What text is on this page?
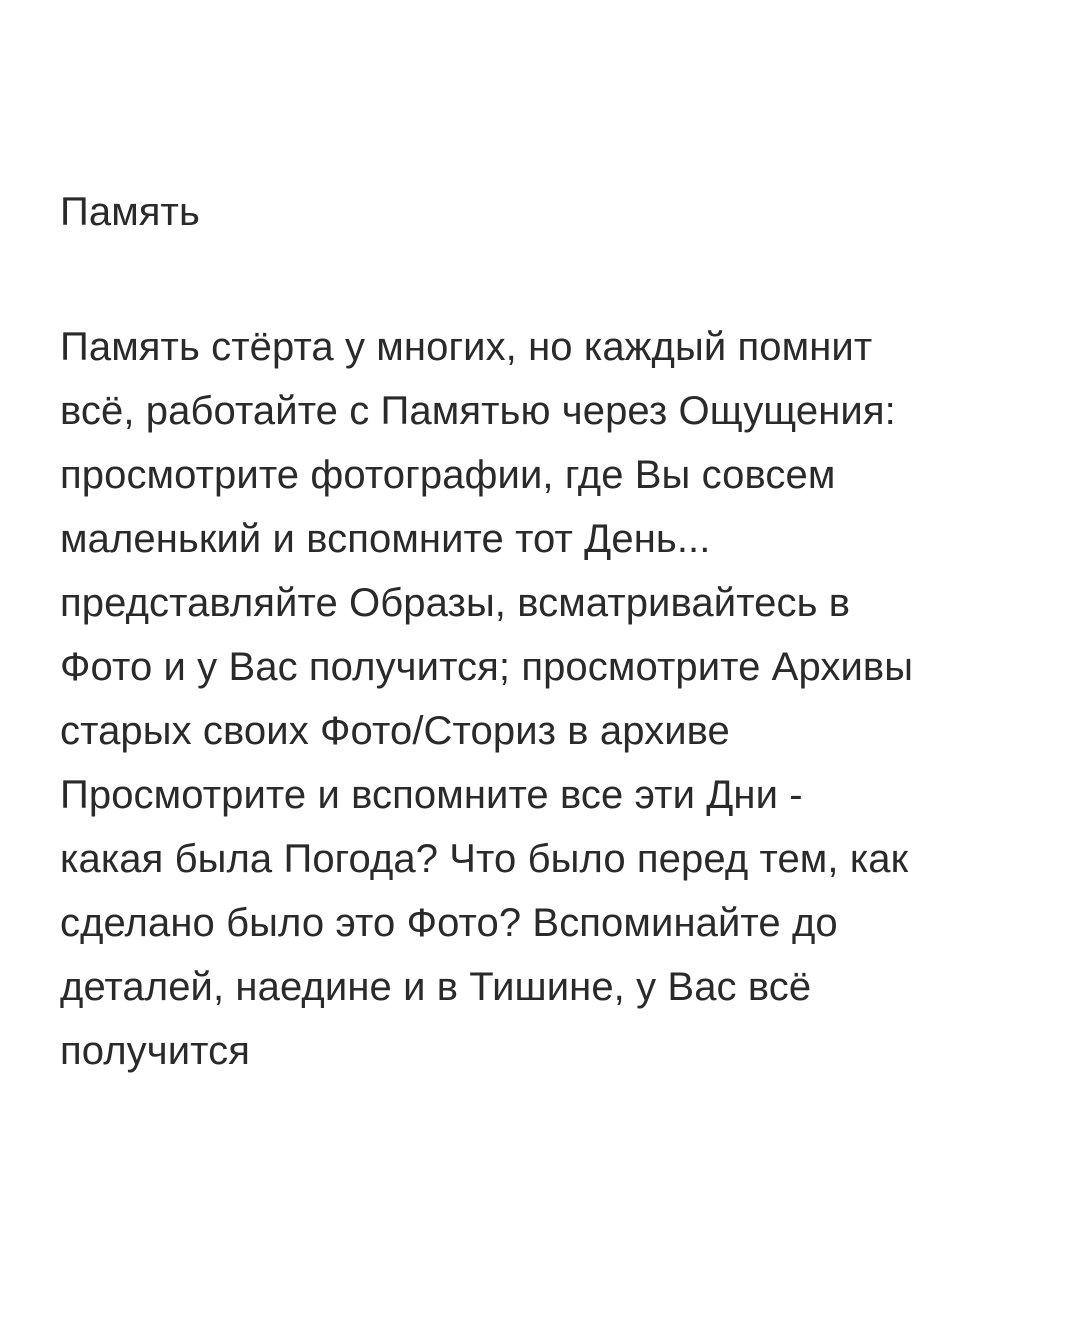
Память
Память стёрта у многих, но каждый помнит
всё, работайте с Памятью через Ощущения:
просмотрите фотографии, где Вы совсем
маленький и вспомните тот День...
представляйте Образы, всматривайтесь в
Фото и у Вас получится; просмотрите Архивы
старых своих Фото/Сториз в архиве
Просмотрите и вспомните все эти Дни -
какая была Погода? Что было перед тем, как
сделано было это Фото? Вспоминайте до
деталей, наедине и в Тишине, у Вас всё
получится
